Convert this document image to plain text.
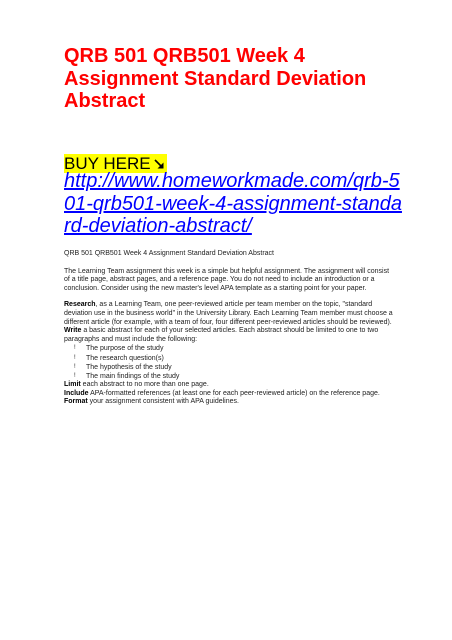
QRB 501 QRB501 Week 4 Assignment Standard Deviation Abstract
BUY HERE
http://www.homeworkmade.com/qrb-501-qrb501-week-4-assignment-standard-deviation-abstract/

QRB 501 QRB501 Week 4 Assignment Standard Deviation Abstract

The Learning Team assignment this week is a simple but helpful assignment. The assignment will consist of a title page, abstract pages, and a reference page. You do not need to include an introduction or a conclusion. Consider using the new master's level APA template as a starting point for your paper.

Research, as a Learning Team, one peer-reviewed article per team member on the topic, "standard deviation use in the business world" in the University Library. Each Learning Team member must choose a different article (for example, with a team of four, four different peer-reviewed articles should be reviewed).

Write a basic abstract for each of your selected articles. Each abstract should be limited to one to two paragraphs and must include the following:

!	The purpose of the study
!	The research question(s)
!	The hypothesis of the study
!	The main findings of the study

Limit each abstract to no more than one page.

Include APA-formatted references (at least one for each peer-reviewed article) on the reference page.

Format your assignment consistent with APA guidelines.
